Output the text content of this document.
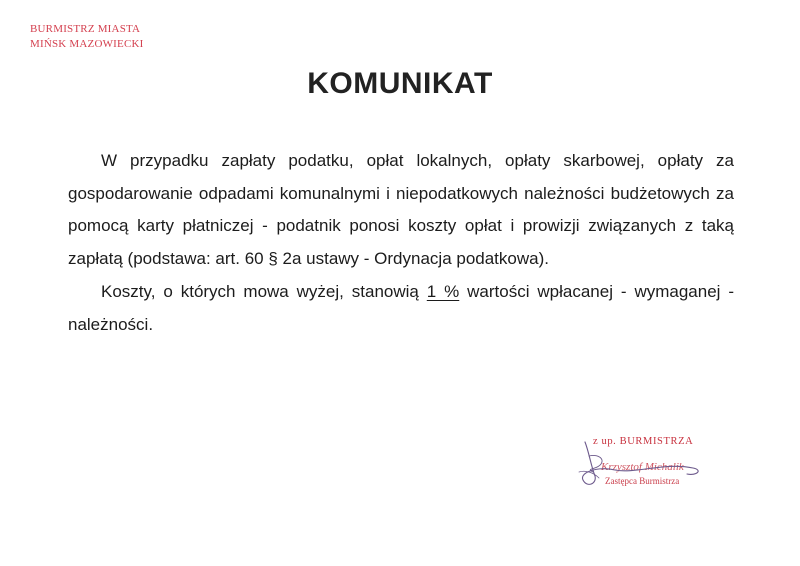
BURMISTRZ MIASTA
MIŃSK MAZOWIECKI
KOMUNIKAT

W przypadku zapłaty podatku, opłat lokalnych, opłaty skarbowej, opłaty za gospodarowanie odpadami komunalnymi i niepodatkowych należności budżetowych za pomocą karty płatniczej - podatnik ponosi koszty opłat i prowizji związanych z taką zapłatą (podstawa: art. 60 § 2a ustawy - Ordynacja podatkowa).

Koszty, o których mowa wyżej, stanowią 1 % wartości wpłacanej - wymaganej - należności.

z up. BURMISTRZA
Krzysztof Michalik
Zastępca Burmistrza
